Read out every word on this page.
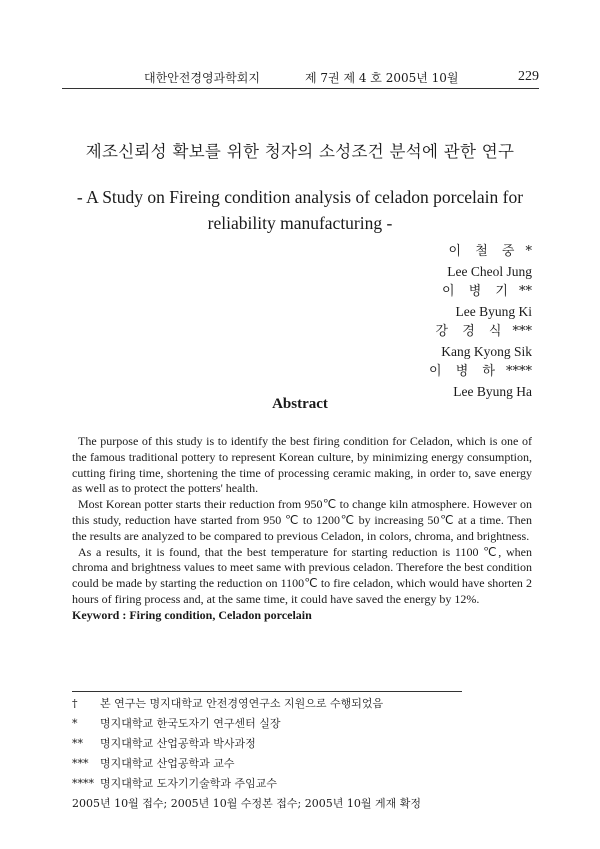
대한안전경영과학회지	제 7권 제 4 호 2005년 10월	229
제조신뢰성 확보를 위한 청자의 소성조건 분석에 관한 연구
- A Study on Fireing condition analysis of celadon porcelain for reliability manufacturing -
이 철 중 *
Lee Cheol Jung
이 병 기 **
Lee Byung Ki
강 경 식 ***
Kang Kyong Sik
이 병 하 ****
Lee Byung Ha
Abstract

The purpose of this study is to identify the best firing condition for Celadon, which is one of the famous traditional pottery to represent Korean culture, by minimizing energy consumption, cutting firing time, shortening the time of processing ceramic making, in order to, save energy as well as to protect the potters' health.

Most Korean potter starts their reduction from 950℃ to change kiln atmosphere. However on this study, reduction have started from 950 ℃ to 1200℃ by increasing 50℃ at a time. Then the results are analyzed to be compared to previous Celadon, in colors, chroma, and brightness.

As a results, it is found, that the best temperature for starting reduction is 1100 ℃, when chroma and brightness values to meet same with previous celadon. Therefore the best condition could be made by starting the reduction on 1100℃ to fire celadon, which would have shorten 2 hours of firing process and, at the same time, it could have saved the energy by 12%.

Keyword : Firing condition, Celadon porcelain

† 본 연구는 명지대학교 안전경영연구소 지원으로 수행되었음
* 명지대학교 한국도자기 연구센터 실장
** 명지대학교 산업공학과 박사과정
*** 명지대학교 산업공학과 교수
**** 명지대학교 도자기기술학과 주임교수
2005년 10월 접수; 2005년 10월 수정본 접수; 2005년 10월 게재 확정
